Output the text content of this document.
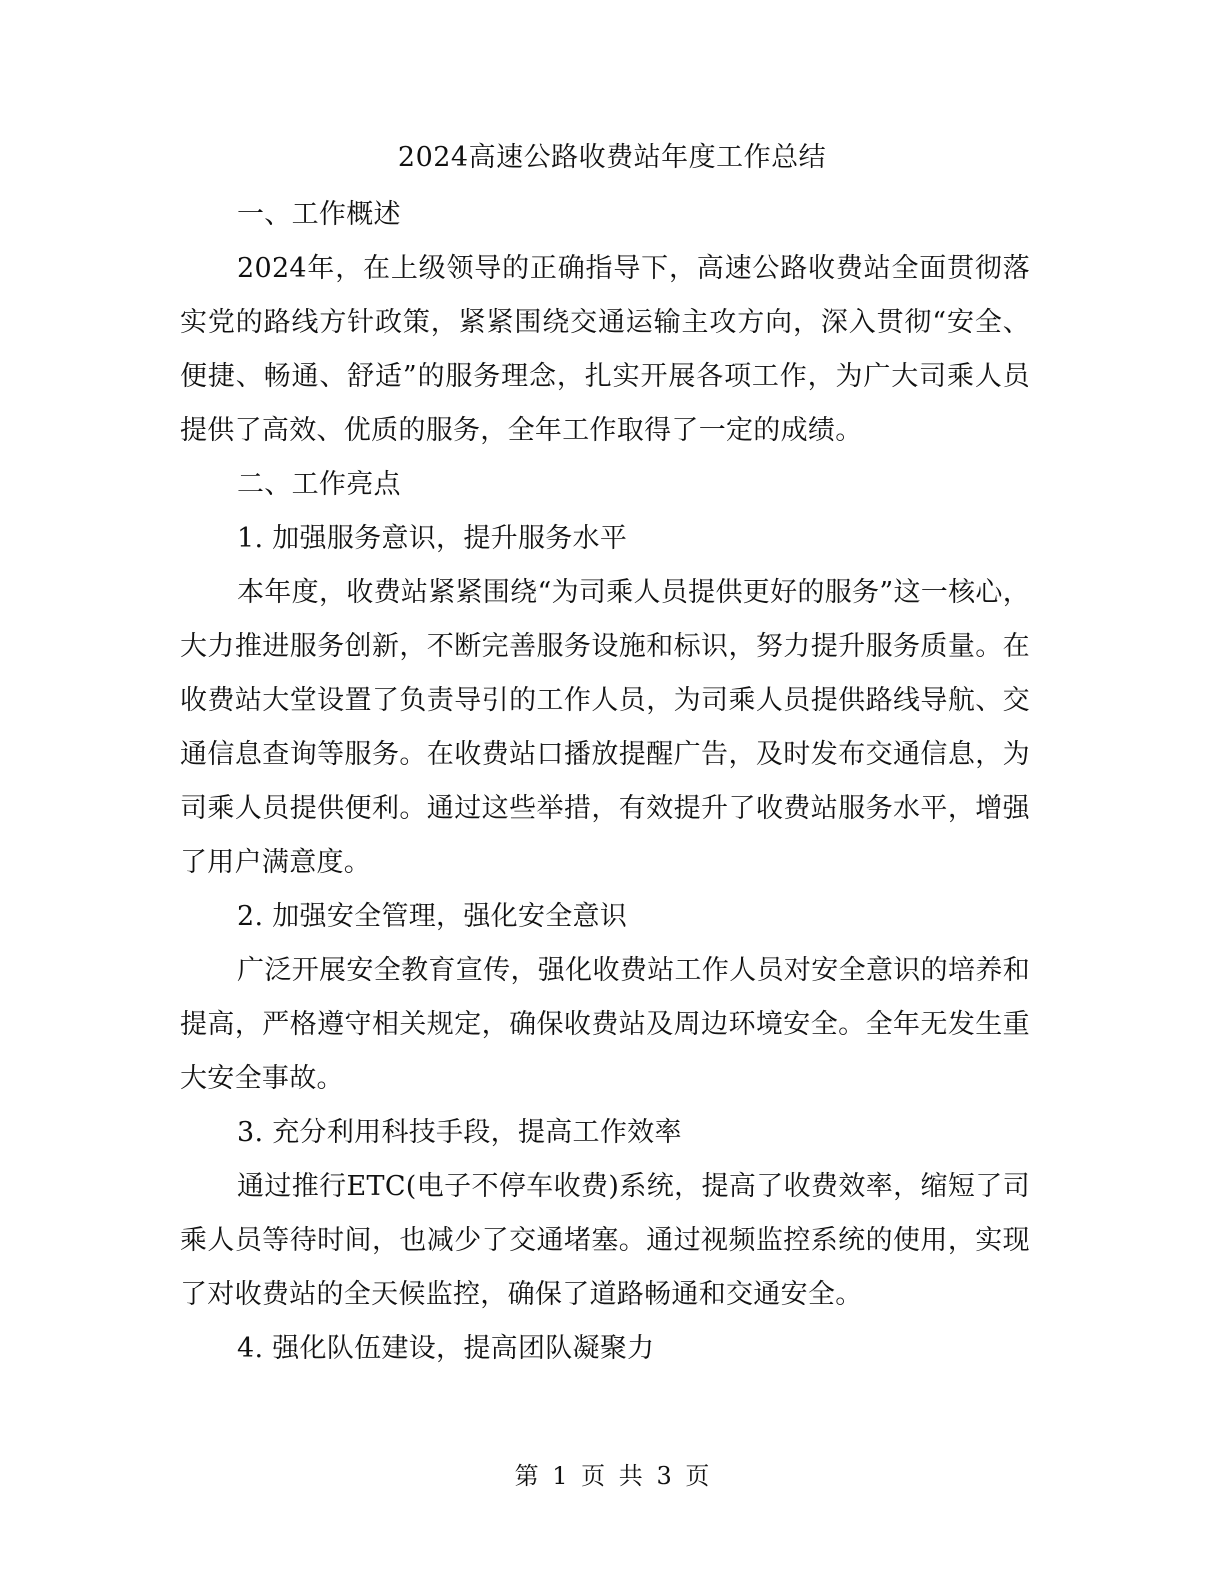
2024高速公路收费站年度工作总结

一、工作概述

2024年，在上级领导的正确指导下，高速公路收费站全面贯彻落实党的路线方针政策，紧紧围绕交通运输主攻方向，深入贯彻“安全、便捷、畅通、舒适”的服务理念，扎实开展各项工作，为广大司乘人员提供了高效、优质的服务，全年工作取得了一定的成绩。

二、工作亮点

1. 加强服务意识，提升服务水平

本年度，收费站紧紧围绕“为司乘人员提供更好的服务”这一核心，大力推进服务创新，不断完善服务设施和标识，努力提升服务质量。在收费站大堂设置了负责导引的工作人员，为司乘人员提供路线导航、交通信息查询等服务。在收费站口播放提醒广告，及时发布交通信息，为司乘人员提供便利。通过这些举措，有效提升了收费站服务水平，增强了用户满意度。

2. 加强安全管理，强化安全意识

广泛开展安全教育宣传，强化收费站工作人员对安全意识的培养和提高，严格遵守相关规定，确保收费站及周边环境安全。全年无发生重大安全事故。

3. 充分利用科技手段，提高工作效率

通过推行ETC(电子不停车收费)系统，提高了收费效率，缩短了司乘人员等待时间，也减少了交通堵塞。通过视频监控系统的使用，实现了对收费站的全天候监控，确保了道路畅通和交通安全。

4. 强化队伍建设，提高团队凝聚力

第 1 页 共 3 页
